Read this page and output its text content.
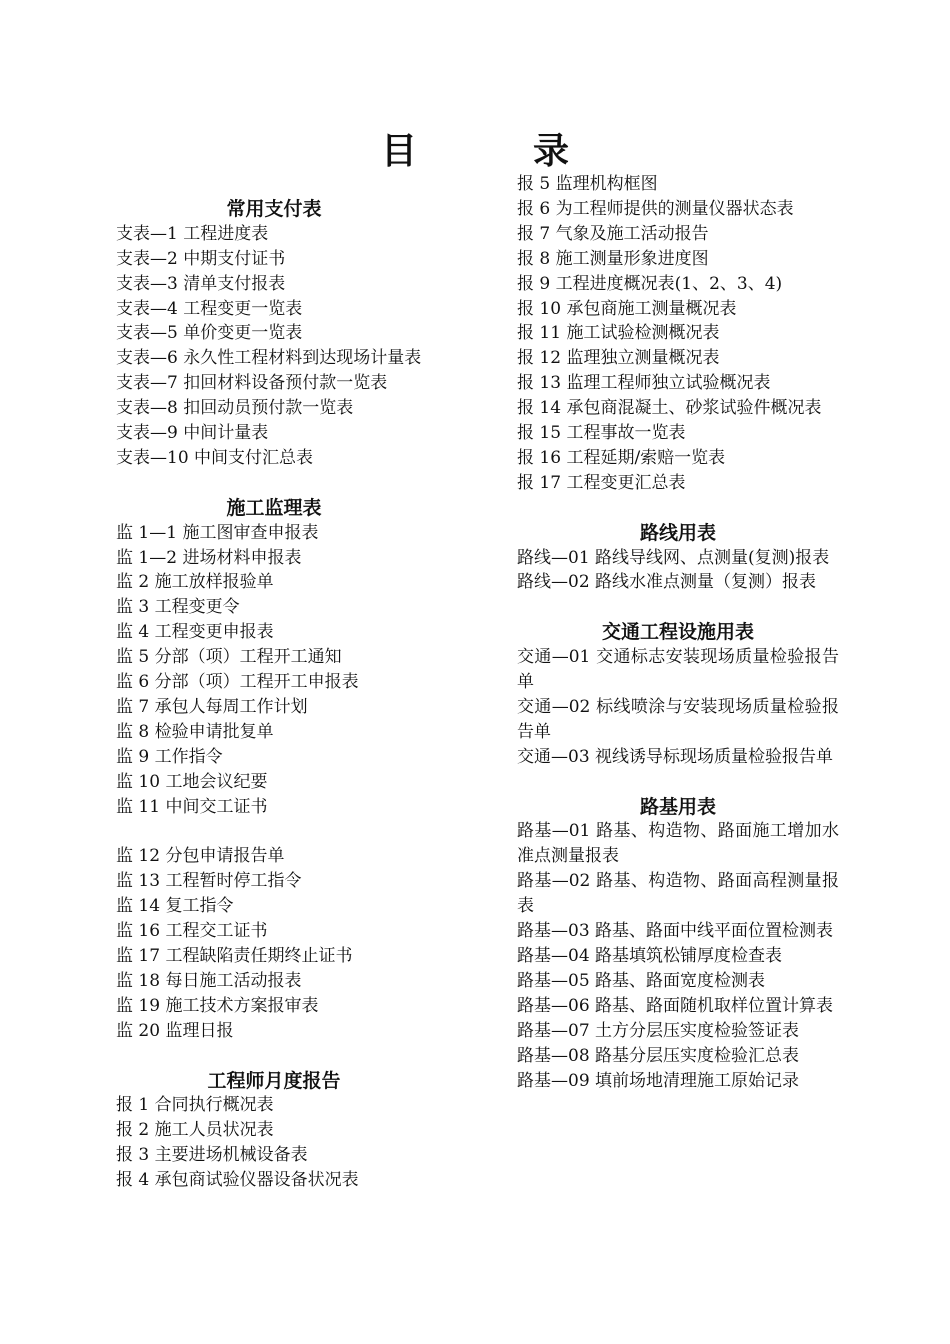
目　录
常用支付表
支表—1 工程进度表
支表—2 中期支付证书
支表—3 清单支付报表
支表—4 工程变更一览表
支表—5 单价变更一览表
支表—6 永久性工程材料到达现场计量表
支表—7 扣回材料设备预付款一览表
支表—8 扣回动员预付款一览表
支表—9 中间计量表
支表—10 中间支付汇总表
施工监理表
监 1—1 施工图审查申报表
监 1—2 进场材料申报表
监 2 施工放样报验单
监 3 工程变更令
监 4 工程变更申报表
监 5 分部（项）工程开工通知
监 6 分部（项）工程开工申报表
监 7 承包人每周工作计划
监 8 检验申请批复单
监 9 工作指令
监 10 工地会议纪要
监 11 中间交工证书
监 12 分包申请报告单
监 13 工程暂时停工指令
监 14 复工指令
监 16 工程交工证书
监 17 工程缺陷责任期终止证书
监 18 每日施工活动报表
监 19 施工技术方案报审表
监 20 监理日报
工程师月度报告
报 1 合同执行概况表
报 2 施工人员状况表
报 3 主要进场机械设备表
报 4 承包商试验仪器设备状况表
报 5 监理机构框图
报 6 为工程师提供的测量仪器状态表
报 7 气象及施工活动报告
报 8 施工测量形象进度图
报 9 工程进度概况表(1、2、3、4)
报 10 承包商施工测量概况表
报 11 施工试验检测概况表
报 12 监理独立测量概况表
报 13 监理工程师独立试验概况表
报 14 承包商混凝土、砂浆试验件概况表
报 15 工程事故一览表
报 16 工程延期/索赔一览表
报 17 工程变更汇总表
路线用表
路线—01 路线导线网、点测量(复测)报表
路线—02 路线水准点测量（复测）报表
交通工程设施用表
交通—01 交通标志安装现场质量检验报告单
交通—02 标线喷涂与安装现场质量检验报告单
交通—03 视线诱导标现场质量检验报告单
路基用表
路基—01 路基、构造物、路面施工增加水准点测量报表
路基—02 路基、构造物、路面高程测量报表
路基—03 路基、路面中线平面位置检测表
路基—04 路基填筑松铺厚度检查表
路基—05 路基、路面宽度检测表
路基—06 路基、路面随机取样位置计算表
路基—07 土方分层压实度检验签证表
路基—08 路基分层压实度检验汇总表
路基—09 填前场地清理施工原始记录
